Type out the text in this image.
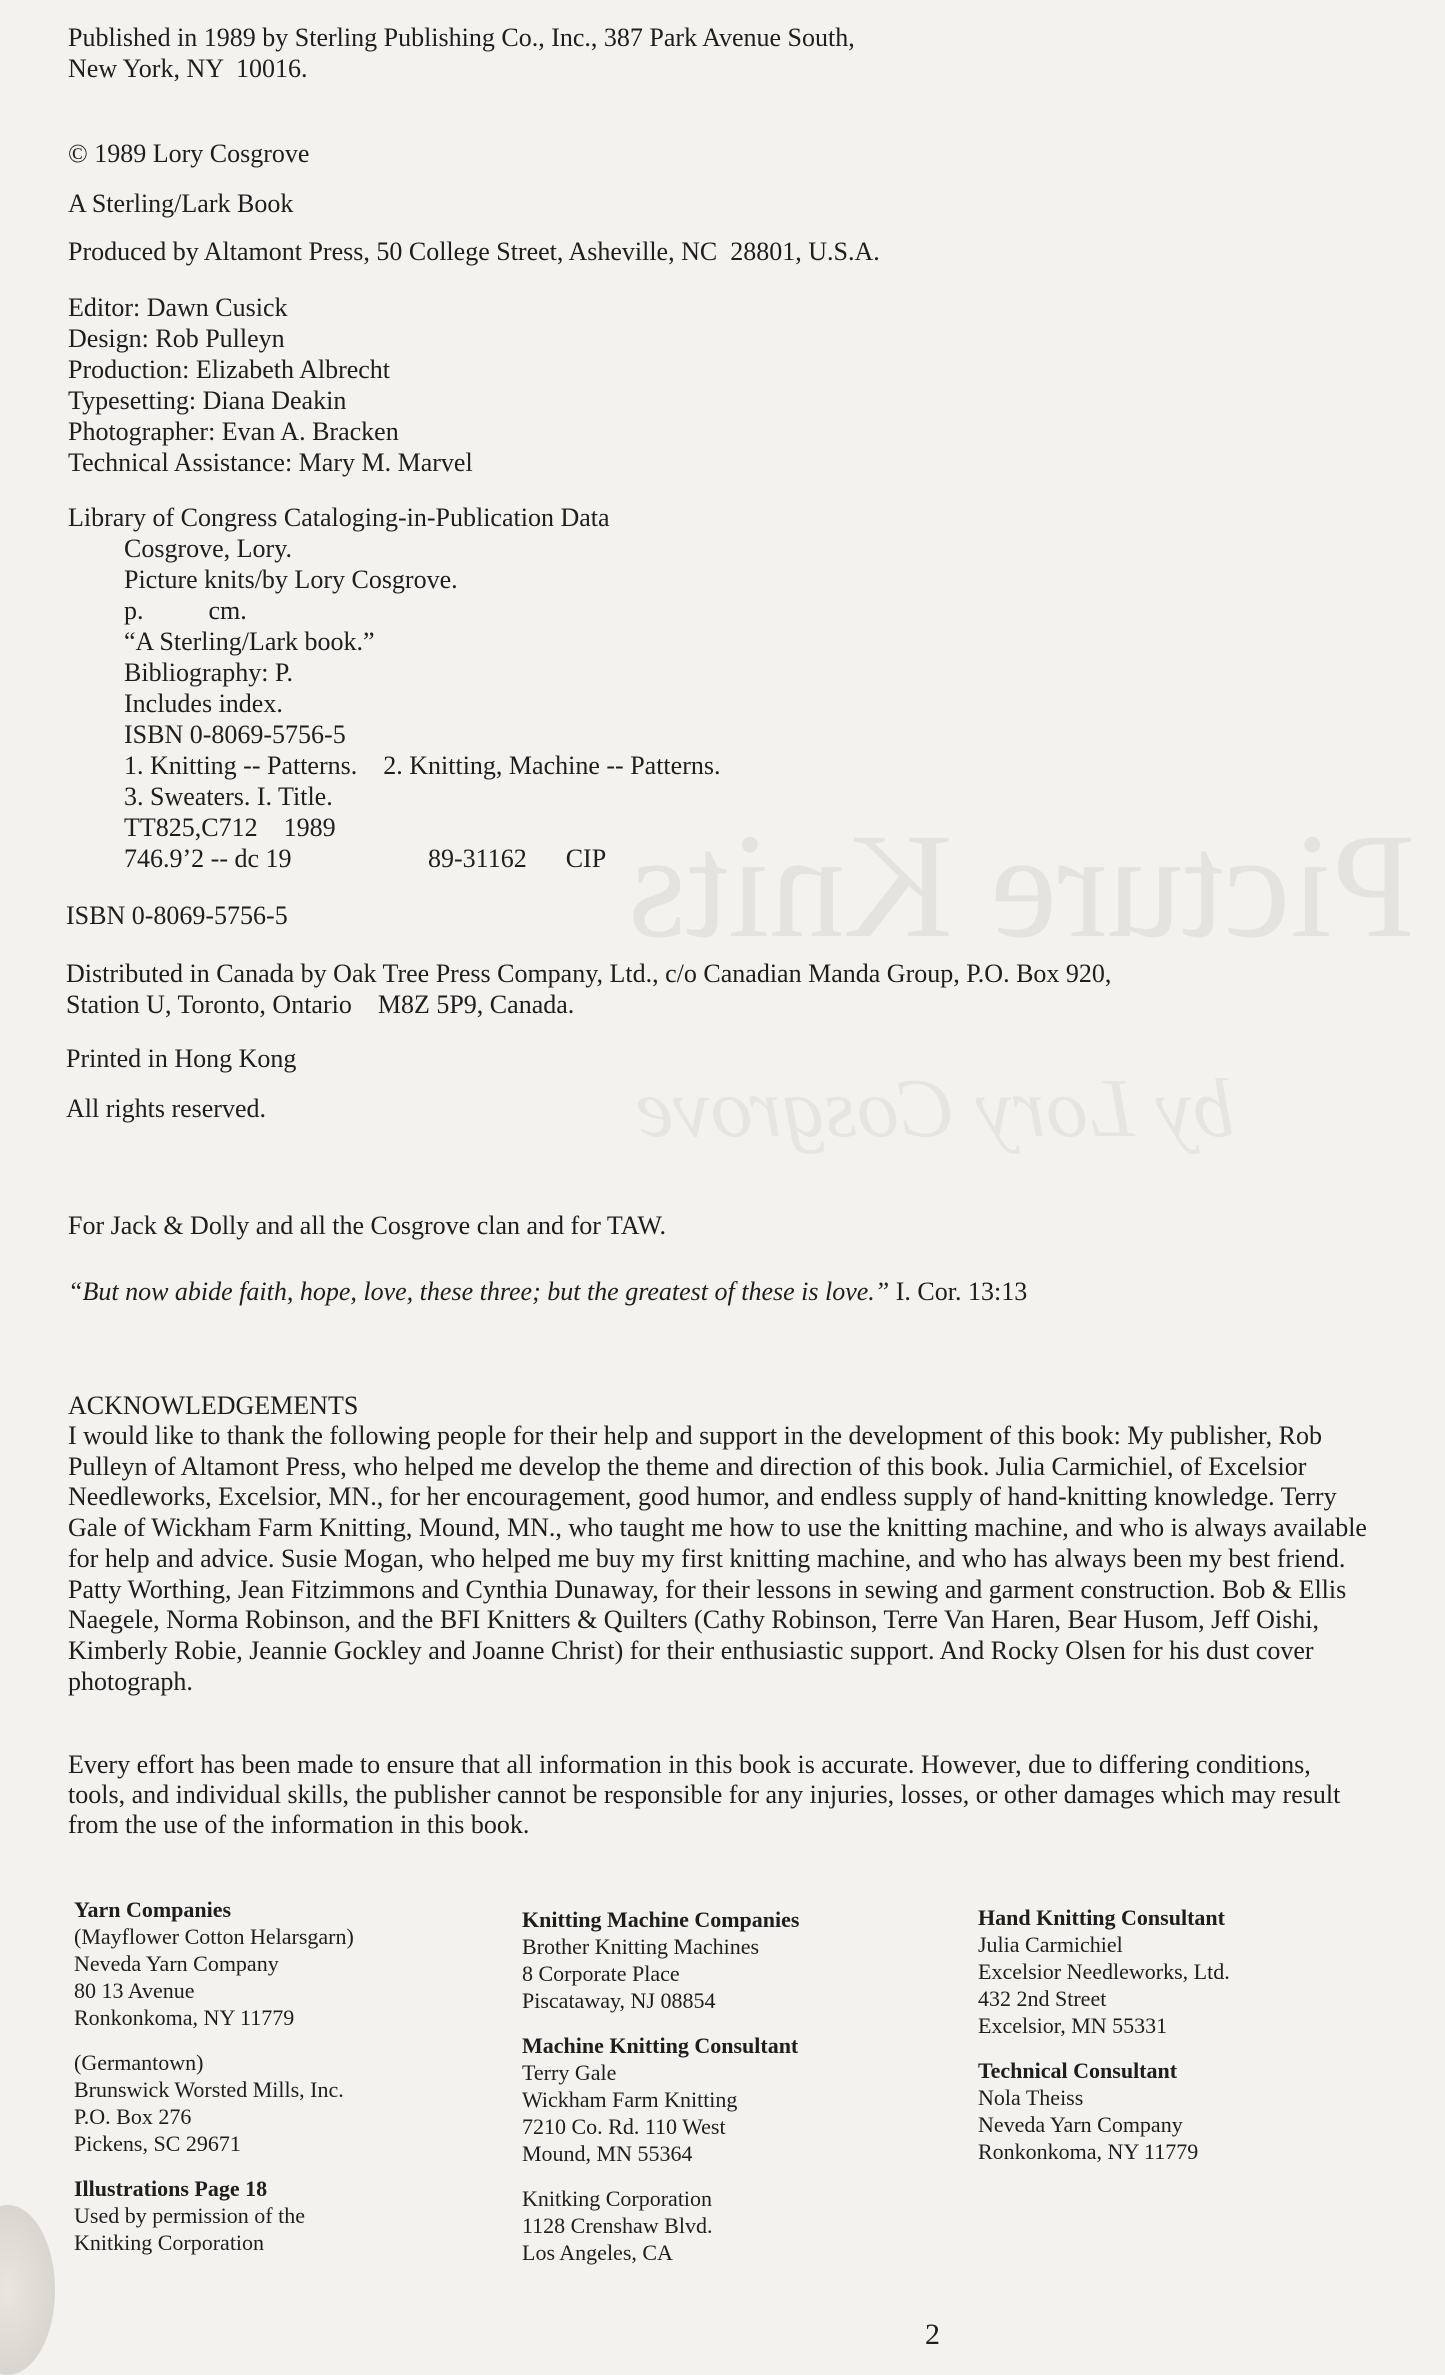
Picture Knits
by Lory Cosgrove
Published in 1989 by Sterling Publishing Co., Inc., 387 Park Avenue South,
New York, NY  10016.
© 1989 Lory Cosgrove
A Sterling/Lark Book
Produced by Altamont Press, 50 College Street, Asheville, NC  28801, U.S.A.
Editor: Dawn Cusick
Design: Rob Pulleyn
Production: Elizabeth Albrecht
Typesetting: Diana Deakin
Photographer: Evan A. Bracken
Technical Assistance: Mary M. Marvel
Library of Congress Cataloging-in-Publication Data
Cosgrove, Lory.
Picture knits/by Lory Cosgrove.
p.          cm.
“A Sterling/Lark book.”
Bibliography: P.
Includes index.
ISBN 0-8069-5756-5
1. Knitting -- Patterns.    2. Knitting, Machine -- Patterns.
3. Sweaters. I. Title.
TT825,C712    1989
746.9’2 -- dc 19                     89-31162      CIP
ISBN 0-8069-5756-5
Distributed in Canada by Oak Tree Press Company, Ltd., c/o Canadian Manda Group, P.O. Box 920,
Station U, Toronto, Ontario    M8Z 5P9, Canada.
Printed in Hong Kong
All rights reserved.
For Jack & Dolly and all the Cosgrove clan and for TAW.
“But now abide faith, hope, love, these three; but the greatest of these is love.” I. Cor. 13:13
ACKNOWLEDGEMENTS
I would like to thank the following people for their help and support in the development of this book: My publisher, Rob Pulleyn of Altamont Press, who helped me develop the theme and direction of this book. Julia Carmichiel, of Excelsior Needleworks, Excelsior, MN., for her encouragement, good humor, and endless supply of hand-knitting knowledge. Terry Gale of Wickham Farm Knitting, Mound, MN., who taught me how to use the knitting machine, and who is always available for help and advice. Susie Mogan, who helped me buy my first knitting machine, and who has always been my best friend. Patty Worthing, Jean Fitzimmons and Cynthia Dunaway, for their lessons in sewing and garment construction. Bob & Ellis Naegele, Norma Robinson, and the BFI Knitters & Quilters (Cathy Robinson, Terre Van Haren, Bear Husom, Jeff Oishi, Kimberly Robie, Jeannie Gockley and Joanne Christ) for their enthusiastic support. And Rocky Olsen for his dust cover photograph.
Every effort has been made to ensure that all information in this book is accurate. However, due to differing conditions, tools, and individual skills, the publisher cannot be responsible for any injuries, losses, or other damages which may result from the use of the information in this book.
Yarn Companies
(Mayflower Cotton Helarsgarn)
Neveda Yarn Company
80 13 Avenue
Ronkonkoma, NY 11779
(Germantown)
Brunswick Worsted Mills, Inc.
P.O. Box 276
Pickens, SC 29671
Illustrations Page 18
Used by permission of the
Knitking Corporation
Knitting Machine Companies
Brother Knitting Machines
8 Corporate Place
Piscataway, NJ 08854
Machine Knitting Consultant
Terry Gale
Wickham Farm Knitting
7210 Co. Rd. 110 West
Mound, MN 55364
Knitking Corporation
1128 Crenshaw Blvd.
Los Angeles, CA
Hand Knitting Consultant
Julia Carmichiel
Excelsior Needleworks, Ltd.
432 2nd Street
Excelsior, MN 55331
Technical Consultant
Nola Theiss
Neveda Yarn Company
Ronkonkoma, NY 11779
2
